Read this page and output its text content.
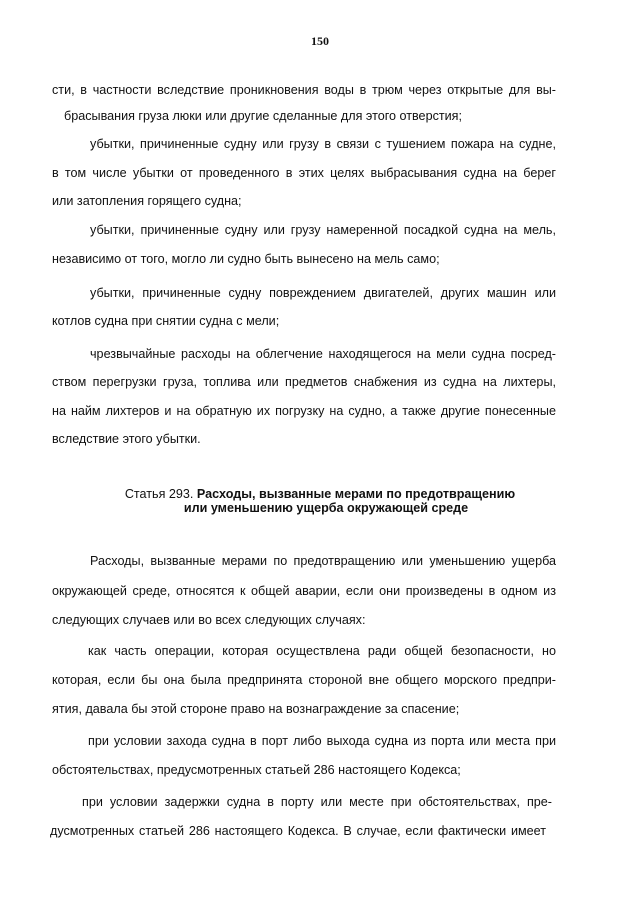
150
сти, в частности вследствие проникновения воды в трюм через открытые для вы-
брасывания груза люки или другие сделанные для этого отверстия;
убытки, причиненные судну или грузу в связи с тушением пожара на судне,
в том числе убытки от проведенного в этих целях выбрасывания судна на берег
или затопления горящего судна;
убытки, причиненные судну или грузу намеренной посадкой судна на мель,
независимо от того, могло ли судно быть вынесено на мель само;
убытки, причиненные судну повреждением двигателей, других машин или
котлов судна при снятии судна с мели;
чрезвычайные расходы на облегчение находящегося на мели судна посред-
ством перегрузки груза, топлива или предметов снабжения из судна на лихтеры,
на найм лихтеров и на обратную их погрузку на судно, а также другие понесенные
вследствие этого убытки.
Статья 293. Расходы, вызванные мерами по предотвращению
или уменьшению ущерба окружающей среде
Расходы, вызванные мерами по предотвращению или уменьшению ущерба
окружающей среде, относятся к общей аварии, если они произведены в одном из
следующих случаев или во всех следующих случаях:
как часть операции, которая осуществлена ради общей безопасности, но
которая, если бы она была предпринята стороной вне общего морского предпри-
ятия, давала бы этой стороне право на вознаграждение за спасение;
при условии захода судна в порт либо выхода судна из порта или места при
обстоятельствах, предусмотренных статьей 286 настоящего Кодекса;
при условии задержки судна в порту или месте при обстоятельствах, пре-
дусмотренных статьей 286 настоящего Кодекса. В случае, если фактически имеет
